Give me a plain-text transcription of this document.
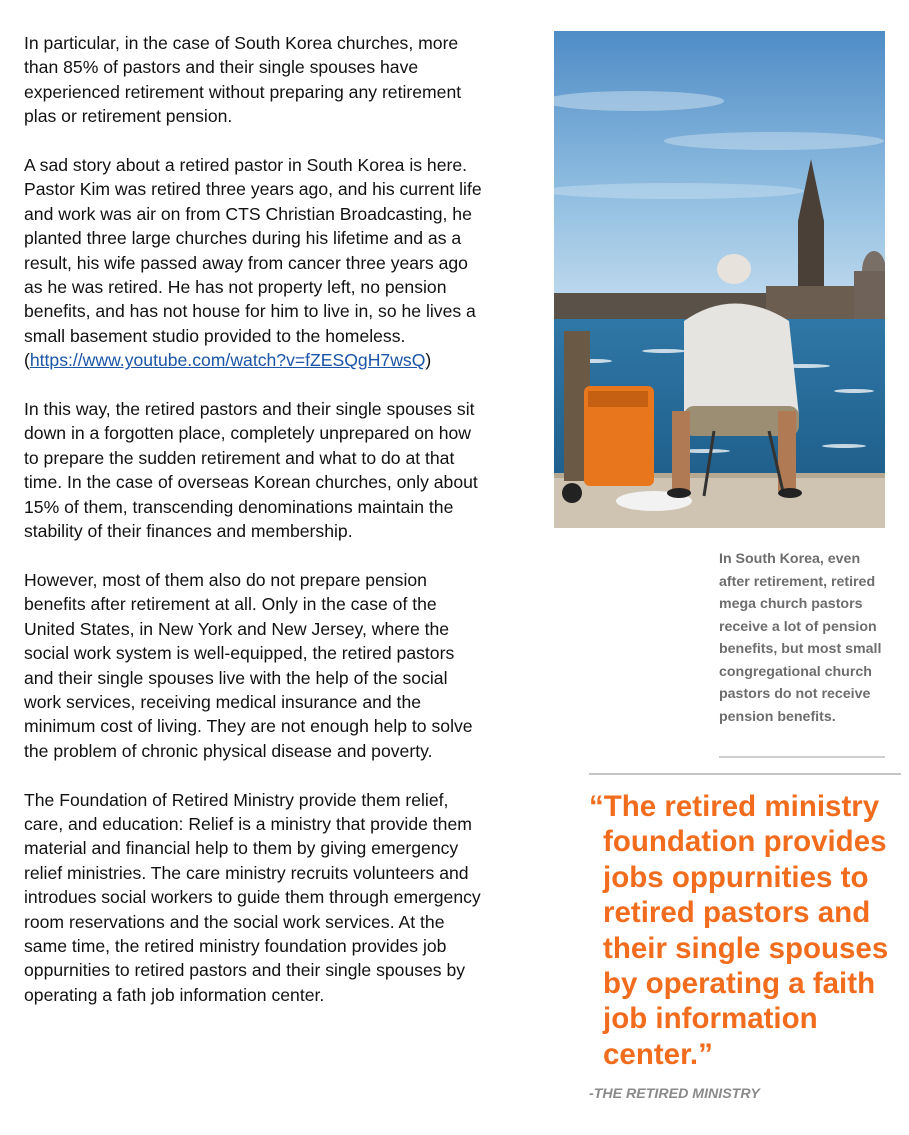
In particular, in the case of South Korea churches, more than 85% of pastors and their single spouses have experienced retirement without preparing any retirement plas or retirement pension.

A sad story about a retired pastor in South Korea is here. Pastor Kim was retired three years ago, and his current life and work was air on from CTS Christian Broadcasting, he planted three large churches during his lifetime and as a result, his wife passed away from cancer three years ago as he was retired. He has not property left, no pension benefits, and has not house for him to live in, so he lives a small basement studio provided to the homeless. (https://www.youtube.com/watch?v=fZESQgH7wsQ)

In this way, the retired pastors and their single spouses sit down in a forgotten place, completely unprepared on how to prepare the sudden retirement and what to do at that time. In the case of overseas Korean churches, only about 15% of them, transcending denominations maintain the stability of their finances and membership.

However, most of them also do not prepare pension benefits after retirement at all. Only in the case of the United States, in New York and New Jersey, where the social work system is well-equipped, the retired pastors and their single spouses live with the help of the social work services, receiving medical insurance and the minimum cost of living. They are not enough help to solve the problem of chronic physical disease and poverty.

The Foundation of Retired Ministry provide them relief, care, and education: Relief is a ministry that provide them material and financial help to them by giving emergency relief ministries. The care ministry recruits volunteers and introdues social workers to guide them through emergency room reservations and the social work services. At the same time, the retired ministry foundation provides job oppurnities to retired pastors and their single spouses by operating a fath job information center.

In South Korea, even after retirement, retired mega church pastors receive a lot of pension benefits, but most small congregational church pastors do not receive pension benefits.

“The retired ministry foundation provides jobs oppurnities to retired pastors and their single spouses by operating a faith job information center.”

-THE RETIRED MINISTRY
